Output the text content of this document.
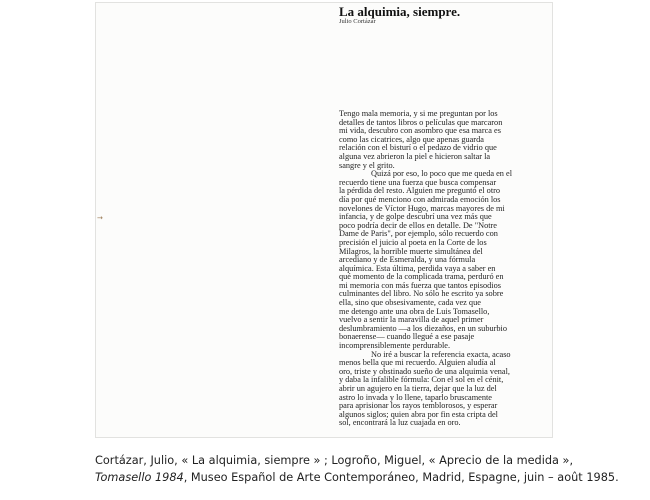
La alquimia, siempre.
Julio Cortázar
→
Tengo mala memoria, y si me preguntan por los
detalles de tantos libros o películas que marcaron
mi vida, descubro con asombro que esa marca es
como las cicatrices, algo que apenas guarda
relación con el bisturí o el pedazo de vidrio que
alguna vez abrieron la piel e hicieron saltar la
sangre y el grito.
Quizá por eso, lo poco que me queda en el
recuerdo tiene una fuerza que busca compensar
la pérdida del resto. Alguien me preguntó el otro
día por qué menciono con admirada emoción los
novelones de Víctor Hugo, marcas mayores de mi
infancia, y de golpe descubrí una vez más que
poco podría decir de ellos en detalle. De "Notre
Dame de Paris", por ejemplo, sólo recuerdo con
precisión el juicio al poeta en la Corte de los
Milagros, la horrible muerte simultánea del
arcediano y de Esmeralda, y una fórmula
alquímica. Esta última, perdida vaya a saber en
qué momento de la complicada trama, perduró en
mi memoria con más fuerza que tantos episodios
culminantes del libro. No sólo he escrito ya sobre
ella, sino que obsesivamente, cada vez que
me detengo ante una obra de Luis Tomasello,
vuelvo a sentir la maravilla de aquel primer
deslumbramiento —a los diezaños, en un suburbio
bonaerense— cuando llegué a ese pasaje
incomprensiblemente perdurable.
No iré a buscar la referencia exacta, acaso
menos bella que mi recuerdo. Alguien aludía al
oro, triste y obstinado sueño de una alquimia venal,
y daba la infalible fórmula: Con el sol en el cénit,
abrir un agujero en la tierra, dejar que la luz del
astro lo invada y lo llene, taparlo bruscamente
para aprisionar los rayos temblorosos, y esperar
algunos siglos; quien abra por fin esta cripta del
sol, encontrará la luz cuajada en oro.
Cortázar, Julio, « La alquimia, siempre » ; Logroño, Miguel, « Aprecio de la medida »,
Tomasello 1984, Museo Español de Arte Contemporáneo, Madrid, Espagne, juin – août 1985.
